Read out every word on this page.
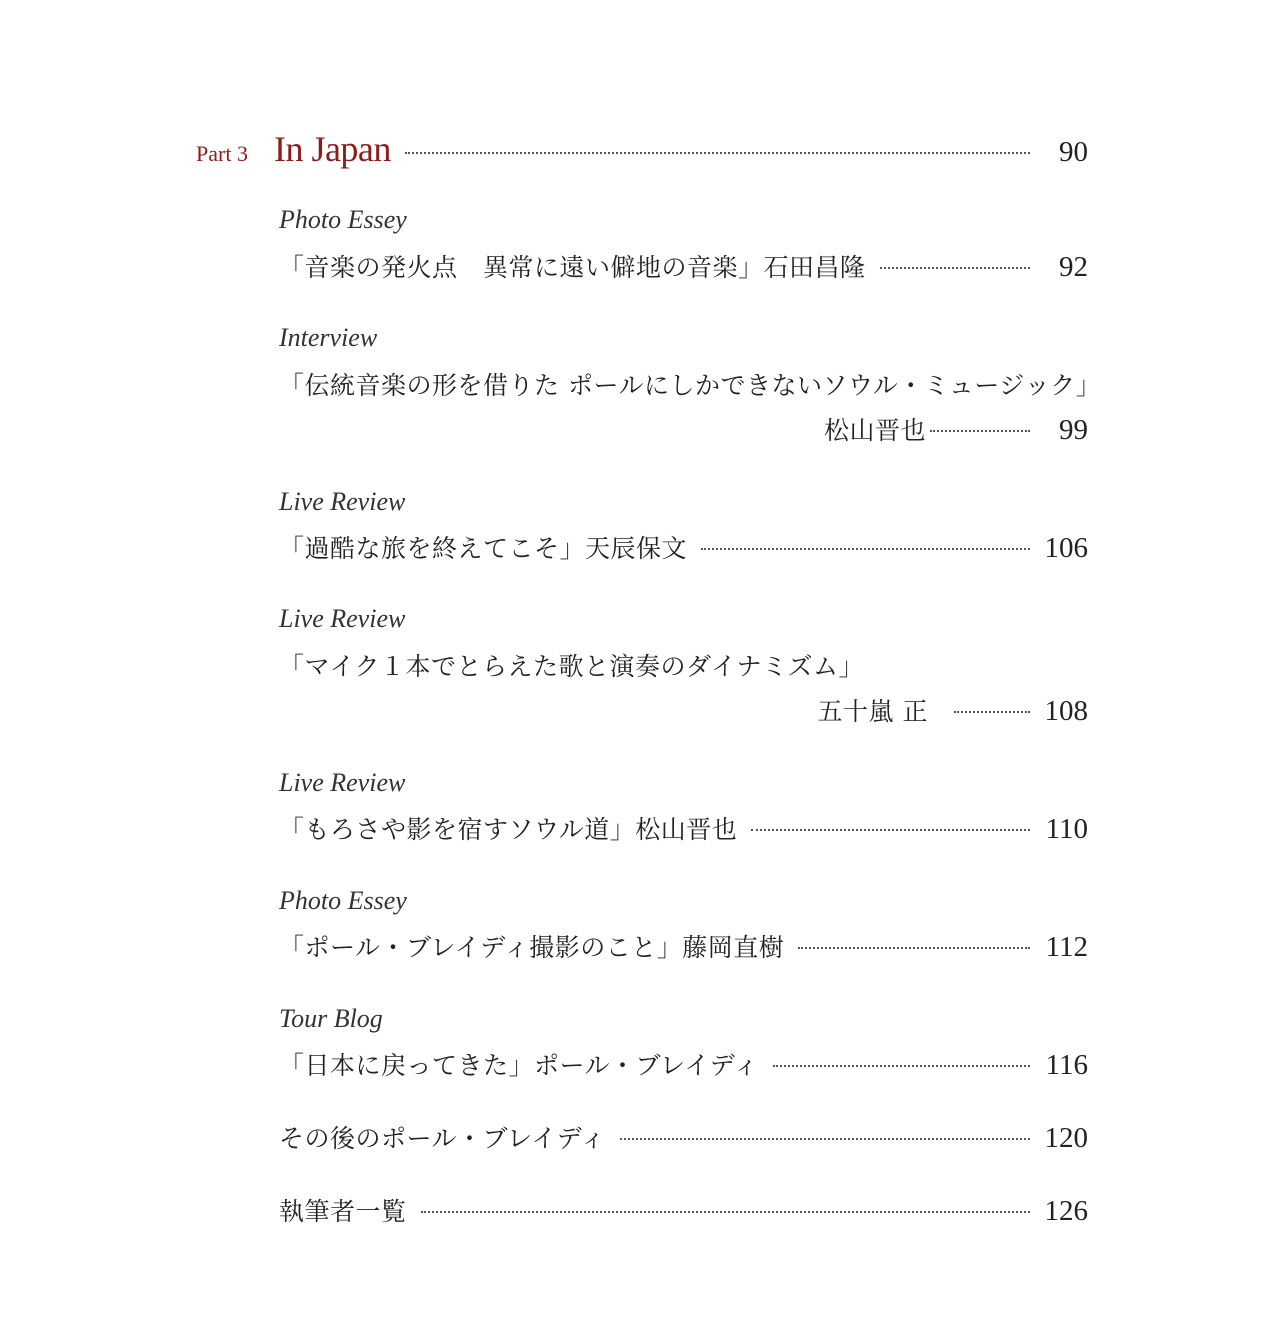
Part 3 In Japan	90
Photo Essey
「音楽の発火点　異常に遠い僻地の音楽」石田昌隆	92
Interview
「伝統音楽の形を借りた ポールにしかできないソウル・ミュージック」
松山晋也	99
Live Review
「過酷な旅を終えてこそ」天辰保文	106
Live Review
「マイク１本でとらえた歌と演奏のダイナミズム」
五十嵐 正	108
Live Review
「もろさや影を宿すソウル道」松山晋也	110
Photo Essey
「ポール・ブレイディ撮影のこと」藤岡直樹	112
Tour Blog
「日本に戻ってきた」ポール・ブレイディ	116
その後のポール・ブレイディ	120
執筆者一覧	126
